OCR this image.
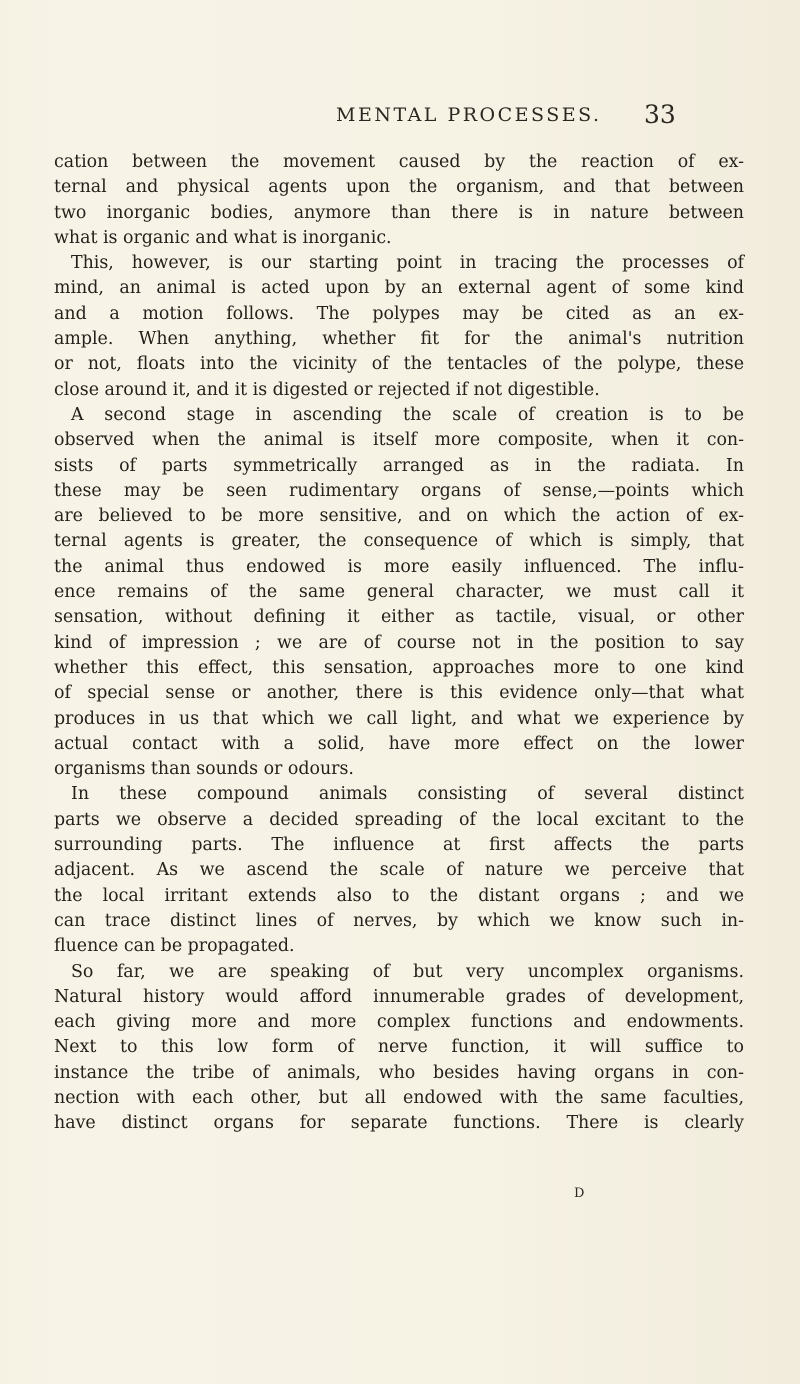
MENTAL PROCESSES. 33
cation between the movement caused by the reaction of ex-
ternal and physical agents upon the organism, and that between
two inorganic bodies, anymore than there is in nature between
what is organic and what is inorganic.
This, however, is our starting point in tracing the processes of
mind, an animal is acted upon by an external agent of some kind
and a motion follows. The polypes may be cited as an ex-
ample. When anything, whether fit for the animal's nutrition
or not, floats into the vicinity of the tentacles of the polype, these
close around it, and it is digested or rejected if not digestible.
A second stage in ascending the scale of creation is to be
observed when the animal is itself more composite, when it con-
sists of parts symmetrically arranged as in the radiata. In
these may be seen rudimentary organs of sense,—points which
are believed to be more sensitive, and on which the action of ex-
ternal agents is greater, the consequence of which is simply, that
the animal thus endowed is more easily influenced. The influ-
ence remains of the same general character, we must call it
sensation, without defining it either as tactile, visual, or other
kind of impression ; we are of course not in the position to say
whether this effect, this sensation, approaches more to one kind
of special sense or another, there is this evidence only—that what
produces in us that which we call light, and what we experience by
actual contact with a solid, have more effect on the lower
organisms than sounds or odours.
In these compound animals consisting of several distinct
parts we observe a decided spreading of the local excitant to the
surrounding parts. The influence at first affects the parts
adjacent. As we ascend the scale of nature we perceive that
the local irritant extends also to the distant organs ; and we
can trace distinct lines of nerves, by which we know such in-
fluence can be propagated.
So far, we are speaking of but very uncomplex organisms.
Natural history would afford innumerable grades of development,
each giving more and more complex functions and endowments.
Next to this low form of nerve function, it will suffice to
instance the tribe of animals, who besides having organs in con-
nection with each other, but all endowed with the same faculties,
have distinct organs for separate functions. There is clearly
D
